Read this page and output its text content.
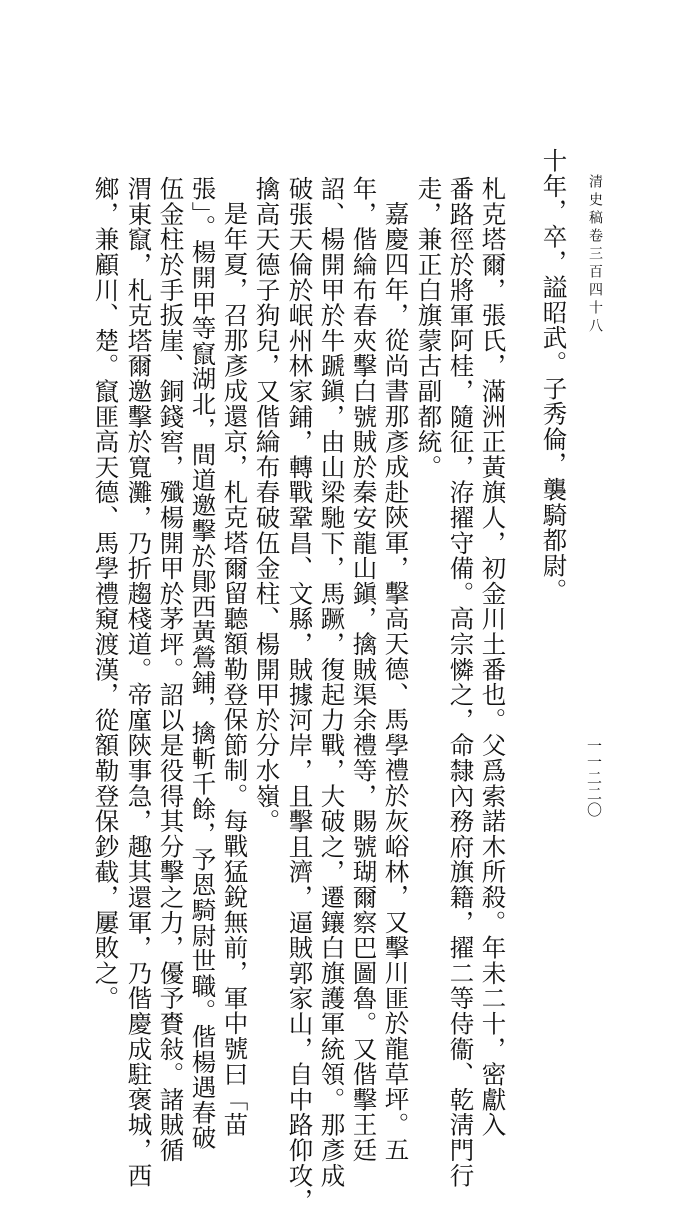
清史稿卷三百四十八
札克塔爾，張氏，滿洲正黃旗人，初金川土番也。父爲索諾木所殺。年未二十，密獻入
番路徑於將軍阿桂，隨征，洊擢守備。高宗憐之，命隸內務府旗籍，擢二等侍衞、乾淸門行
走，兼正白旗蒙古副都統。
嘉慶四年，從尚書那彥成赴陝軍，擊高天德、馬學禮於灰峪林，又擊川匪於龍草坪。五
年，偕綸布春夾擊白號賊於秦安龍山鎭，擒賊渠余禮等，賜號瑚爾察巴圖魯。又偕擊王廷
詔、楊開甲於牛蹏鎭，由山梁馳下，馬蹶，復起力戰，大破之，遷鑲白旗護軍統領。那彥成
破張天倫於岷州林家鋪，轉戰鞏昌、文縣，賊據河岸，且擊且濟，逼賊郭家山，自中路仰攻，
擒高天德子狗兒，又偕綸布春破伍金柱、楊開甲於分水嶺。
是年夏，召那彥成還京，札克塔爾留聽額勒登保節制。每戰猛銳無前，軍中號曰「苗
張」。楊開甲等竄湖北，間道邀擊於鄖西黃鶯鋪，擒斬千餘，予恩騎尉世職。偕楊遇春破
伍金柱於手扳崖、銅錢窖，殲楊開甲於茅坪。詔以是役得其分擊之力，優予賚敍。諸賊循
渭東竄，札克塔爾邀擊於寬灘，乃折趨棧道。帝廑陝事急，趣其還軍，乃偕慶成駐褒城，西
鄉，兼顧川、楚。竄匪高天德、馬學禮窺渡漢，從額勒登保鈔截，屢敗之。	十年，卒，謚昭武。子秀倫，襲騎都尉。
一一二二〇
